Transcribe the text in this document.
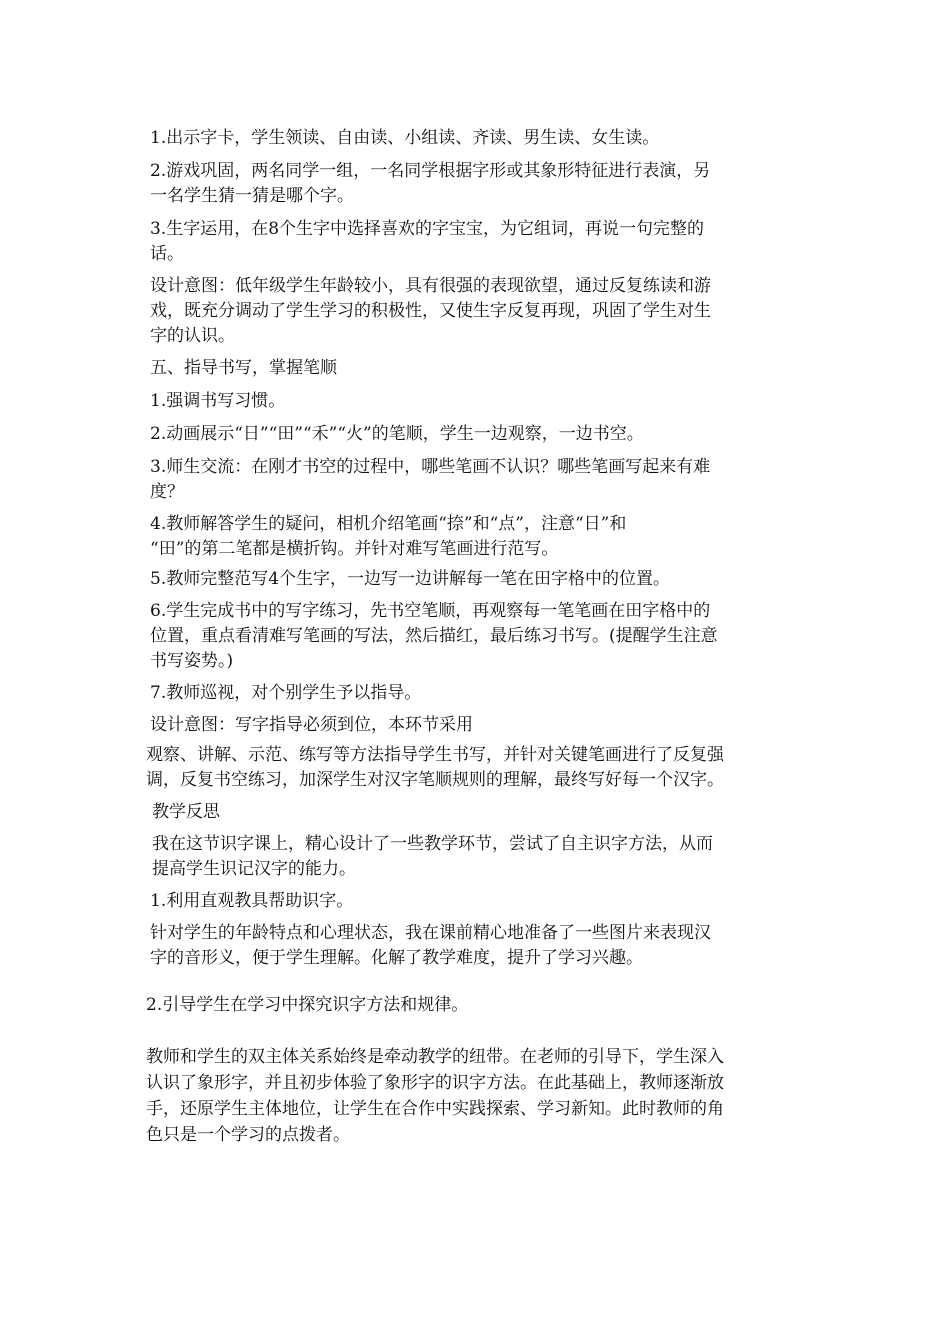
1.出示字卡，学生领读、自由读、小组读、齐读、男生读、女生读。

2.游戏巩固，两名同学一组，一名同学根据字形或其象形特征进行表演，另
一名学生猜一猜是哪个字。

3.生字运用，在8个生字中选择喜欢的字宝宝，为它组词，再说一句完整的
话。

设计意图：低年级学生年龄较小，具有很强的表现欲望，通过反复练读和游
戏，既充分调动了学生学习的积极性，又使生字反复再现，巩固了学生对生
字的认识。

五、指导书写，掌握笔顺

1.强调书写习惯。

2.动画展示“日”“田”“禾”“火”的笔顺，学生一边观察，一边书空。

3.师生交流：在刚才书空的过程中，哪些笔画不认识？哪些笔画写起来有难
度？

4.教师解答学生的疑问，相机介绍笔画“捺”和“点”，注意“日”和
“田”的第二笔都是横折钩。并针对难写笔画进行范写。

5.教师完整范写4个生字，一边写一边讲解每一笔在田字格中的位置。

6.学生完成书中的写字练习，先书空笔顺，再观察每一笔笔画在田字格中的
位置，重点看清难写笔画的写法，然后描红，最后练习书写。(提醒学生注意
书写姿势。)

7.教师巡视，对个别学生予以指导。

设计意图：写字指导必须到位，本环节采用

观察、讲解、示范、练写等方法指导学生书写，并针对关键笔画进行了反复强
调，反复书空练习，加深学生对汉字笔顺规则的理解，最终写好每一个汉字。

教学反思

我在这节识字课上，精心设计了一些教学环节，尝试了自主识字方法，从而
提高学生识记汉字的能力。

1.利用直观教具帮助识字。

针对学生的年龄特点和心理状态，我在课前精心地准备了一些图片来表现汉
字的音形义，便于学生理解。化解了教学难度，提升了学习兴趣。

2.引导学生在学习中探究识字方法和规律。

教师和学生的双主体关系始终是牵动教学的纽带。在老师的引导下，学生深入
认识了象形字，并且初步体验了象形字的识字方法。在此基础上，教师逐渐放
手，还原学生主体地位，让学生在合作中实践探索、学习新知。此时教师的角
色只是一个学习的点拨者。
